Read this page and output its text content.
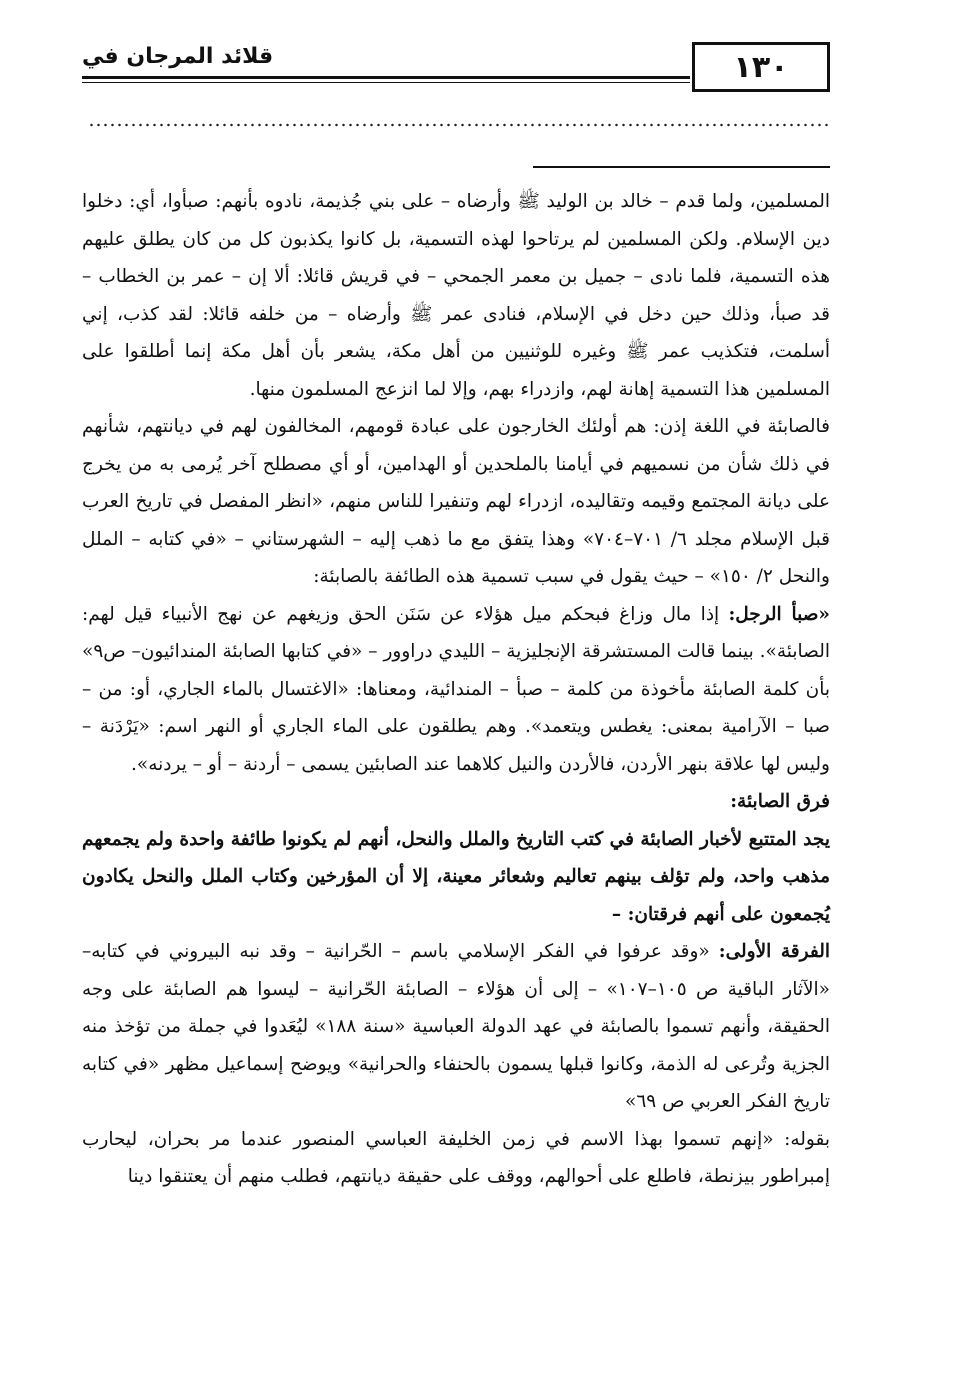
قلائد المرجان في	١٣٠

المسلمين، ولما قدم – خالد بن الوليد ﷺ وأرضاه – على بني جُذيمة، نادوه بأنهم: صبأوا، أي: دخلوا دين الإسلام. ولكن المسلمين لم يرتاحوا لهذه التسمية، بل كانوا يكذبون كل من كان يطلق عليهم هذه التسمية، فلما نادى – جميل بن معمر الجمحي – في قريش قائلا: ألا إن – عمر بن الخطاب – قد صبأ، وذلك حين دخل في الإسلام، فنادى عمر ﷺ وأرضاه – من خلفه قائلا: لقد كذب، إني أسلمت، فتكذيب عمر ﷺ وغيره للوثنيين من أهل مكة، يشعر بأن أهل مكة إنما أطلقوا على المسلمين هذا التسمية إهانة لهم، وازدراء بهم، وإلا لما انزعج المسلمون منها.

فالصابئة في اللغة إذن: هم أولئك الخارجون على عبادة قومهم، المخالفون لهم في ديانتهم، شأنهم في ذلك شأن من نسميهم في أيامنا بالملحدين أو الهدامين، أو أي مصطلح آخر يُرمى به من يخرج على ديانة المجتمع وقيمه وتقاليده، ازدراء لهم وتنفيرا للناس منهم، «انظر المفصل في تاريخ العرب قبل الإسلام مجلد ٦/ ٧٠١–٧٠٤» وهذا يتفق مع ما ذهب إليه – الشهرستاني – «في كتابه – الملل والنحل ٢/ ١٥٠» – حيث يقول في سبب تسمية هذه الطائفة بالصابئة:

«صبأ الرجل: إذا مال وزاغ فبحكم ميل هؤلاء عن سَنَن الحق وزيغهم عن نهج الأنبياء قيل لهم: الصابئة». بينما قالت المستشرقة الإنجليزية – الليدي دراوور – «في كتابها الصابئة المندائيون– ص٩» بأن كلمة الصابئة مأخوذة من كلمة – صبأ – المندائية، ومعناها: «الاغتسال بالماء الجاري، أو: من – صبا – الآرامية بمعنى: يغطس ويتعمد». وهم يطلقون على الماء الجاري أو النهر اسم: «يَرْدَنة – وليس لها علاقة بنهر الأردن، فالأردن والنيل كلاهما عند الصابئين يسمى – أردنة – أو – يردنه».

فرق الصابئة:

يجد المتتبع لأخبار الصابئة في كتب التاريخ والملل والنحل، أنهم لم يكونوا طائفة واحدة ولم يجمعهم مذهب واحد، ولم تؤلف بينهم تعاليم وشعائر معينة، إلا أن المؤرخين وكتاب الملل والنحل يكادون يُجمعون على أنهم فرقتان: –

الفرقة الأولى: «وقد عرفوا في الفكر الإسلامي باسم – الحّرانية – وقد نبه البيروني في كتابه– «الآثار الباقية ص ١٠٥–١٠٧» – إلى أن هؤلاء – الصابئة الحّرانية – ليسوا هم الصابئة على وجه الحقيقة، وأنهم تسموا بالصابئة في عهد الدولة العباسية «سنة ١٨٨» ليُعَدوا في جملة من تؤخذ منه الجزية وتُرعى له الذمة، وكانوا قبلها يسمون بالحنفاء والحرانية» ويوضح إسماعيل مظهر «في كتابه تاريخ الفكر العربي ص ٦٩»

بقوله: «إنهم تسموا بهذا الاسم في زمن الخليفة العباسي المنصور عندما مر بحران، ليحارب إمبراطور بيزنطة، فاطلع على أحوالهم، ووقف على حقيقة ديانتهم، فطلب منهم أن يعتنقوا دينا
